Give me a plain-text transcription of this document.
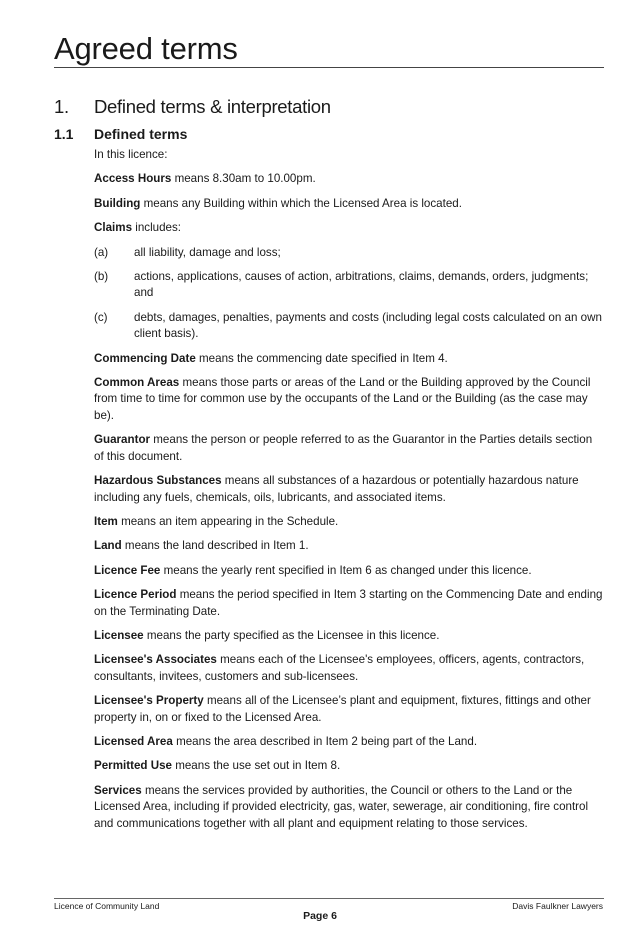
Agreed terms
1. Defined terms & interpretation
1.1 Defined terms

In this licence:

Access Hours means 8.30am to 10.00pm.

Building means any Building within which the Licensed Area is located.

Claims includes:

(a)	all liability, damage and loss;
(b)	actions, applications, causes of action, arbitrations, claims, demands, orders, judgments; and
(c)	debts, damages, penalties, payments and costs (including legal costs calculated on an own client basis).

Commencing Date means the commencing date specified in Item 4.

Common Areas means those parts or areas of the Land or the Building approved by the Council from time to time for common use by the occupants of the Land or the Building (as the case may be).

Guarantor means the person or people referred to as the Guarantor in the Parties details section of this document.

Hazardous Substances means all substances of a hazardous or potentially hazardous nature including any fuels, chemicals, oils, lubricants, and associated items.

Item means an item appearing in the Schedule.

Land means the land described in Item 1.

Licence Fee means the yearly rent specified in Item 6 as changed under this licence.

Licence Period means the period specified in Item 3 starting on the Commencing Date and ending on the Terminating Date.

Licensee means the party specified as the Licensee in this licence.

Licensee's Associates means each of the Licensee's employees, officers, agents, contractors, consultants, invitees, customers and sub-licensees.

Licensee's Property means all of the Licensee’s plant and equipment, fixtures, fittings and other property in, on or fixed to the Licensed Area.

Licensed Area means the area described in Item 2 being part of the Land.

Permitted Use means the use set out in Item 8.

Services means the services provided by authorities, the Council or others to the Land or the Licensed Area, including if provided electricity, gas, water, sewerage, air conditioning, fire control and communications together with all plant and equipment relating to those services.

Licence of Community Land	Davis Faulkner Lawyers
Page 6
